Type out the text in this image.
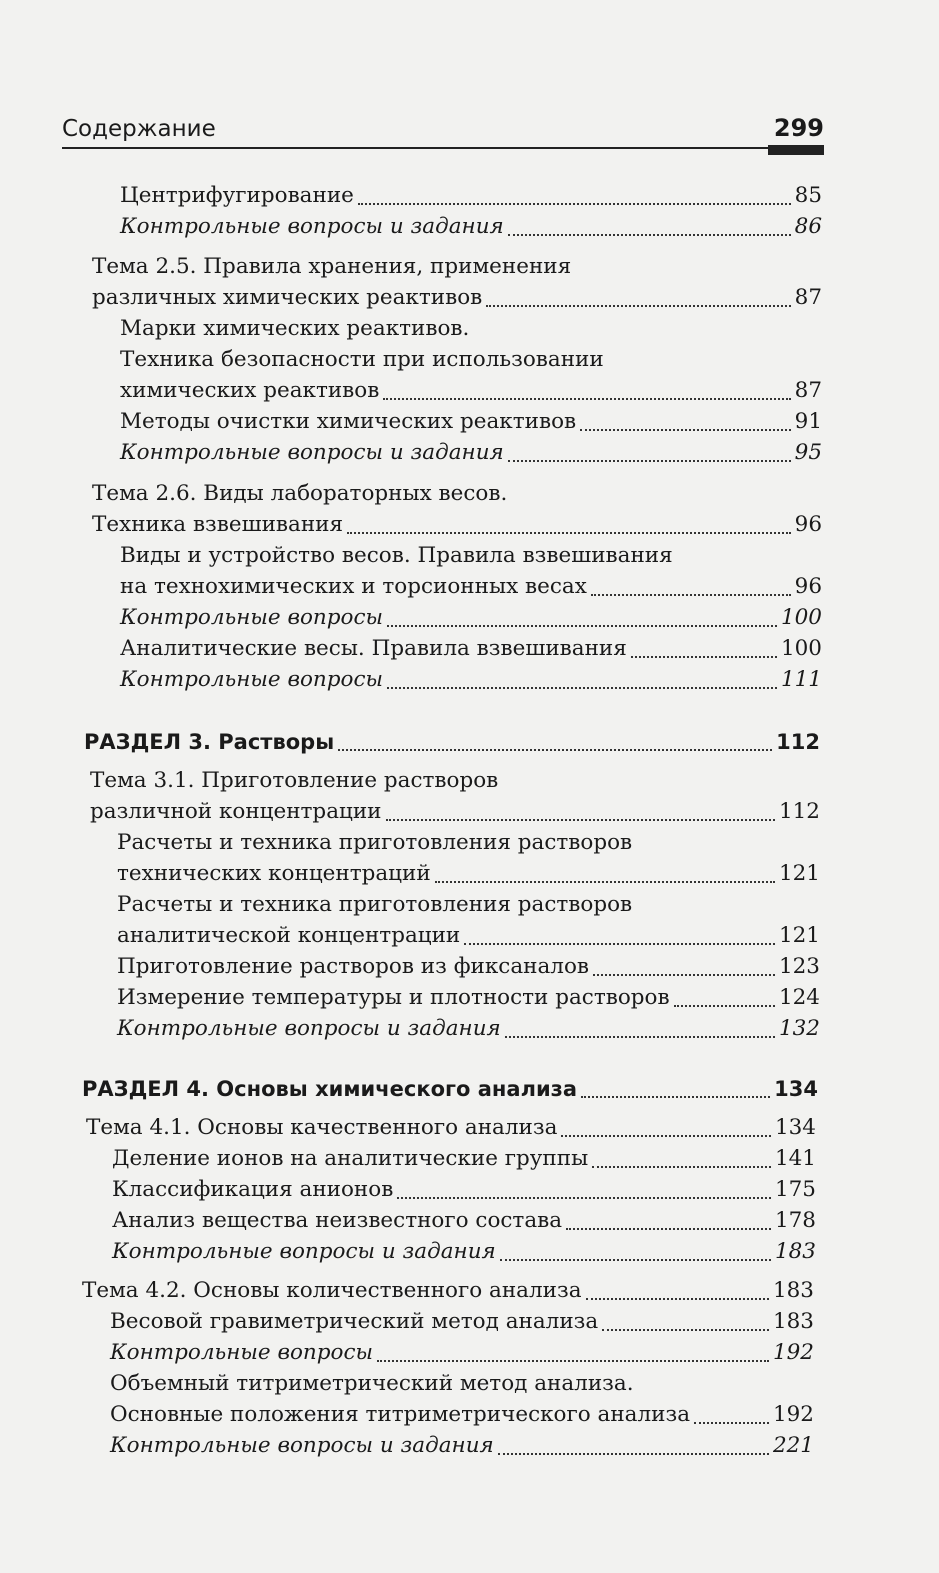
Содержание	299
Центрифугирование	85
Контрольные вопросы и задания	86
Тема 2.5. Правила хранения, применения
различных химических реактивов	87
Марки химических реактивов.
Техника безопасности при использовании
химических реактивов	87
Методы очистки химических реактивов	91
Контрольные вопросы и задания	95
Тема 2.6. Виды лабораторных весов.
Техника взвешивания	96
Виды и устройство весов. Правила взвешивания
на технохимических и торсионных весах	96
Контрольные вопросы	100
Аналитические весы. Правила взвешивания	100
Контрольные вопросы	111
РАЗДЕЛ 3. Растворы	112
Тема 3.1. Приготовление растворов
различной концентрации	112
Расчеты и техника приготовления растворов
технических концентраций	121
Расчеты и техника приготовления растворов
аналитической концентрации	121
Приготовление растворов из фиксаналов	123
Измерение температуры и плотности растворов	124
Контрольные вопросы и задания	132
РАЗДЕЛ 4. Основы химического анализа	134
Тема 4.1. Основы качественного анализа	134
Деление ионов на аналитические группы	141
Классификация анионов	175
Анализ вещества неизвестного состава	178
Контрольные вопросы и задания	183
Тема 4.2. Основы количественного анализа	183
Весовой гравиметрический метод анализа	183
Контрольные вопросы	192
Объемный титриметрический метод анализа.
Основные положения титриметрического анализа	192
Контрольные вопросы и задания	221
